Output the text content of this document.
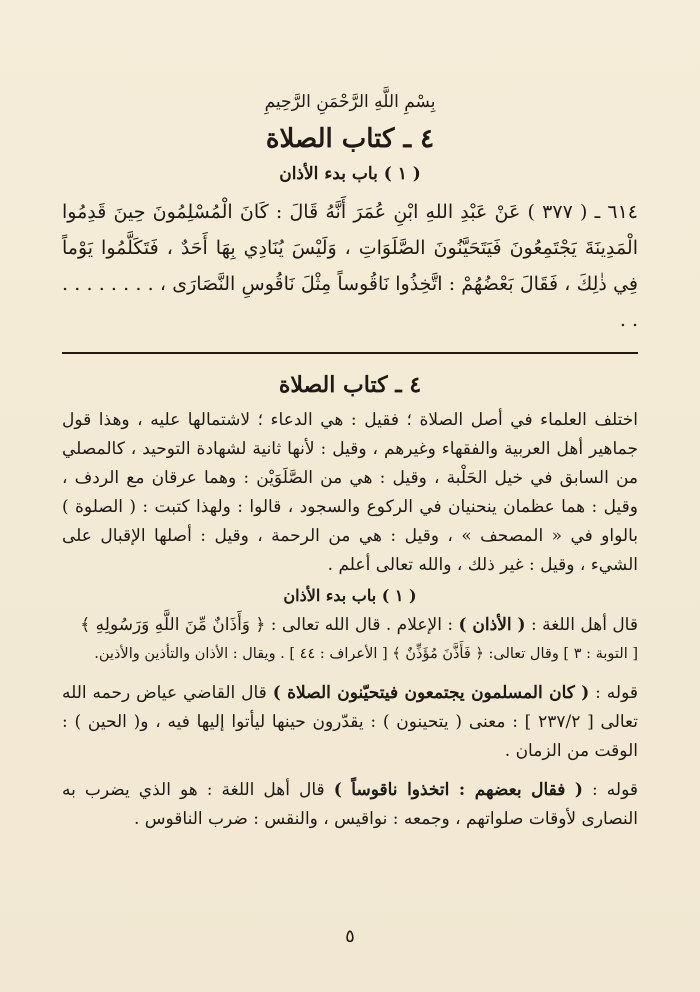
بِسْمِ اللَّهِ الرَّحْمَنِ الرَّحِيمِ
٤ ـ كتاب الصلاة
( ١ ) باب بدء الأذان

٦١٤ ـ ( ٣٧٧ ) عَنْ عَبْدِ اللهِ ابْنِ عُمَرَ أَنَّهُ قَالَ : كَانَ الْمُسْلِمُونَ حِينَ قَدِمُوا الْمَدِينَةَ يَجْتَمِعُونَ فَيَتَحَيَّنُونَ الصَّلَوَاتِ ، وَلَيْسَ يُنَادِي بِهَا أَحَدٌ ، فَتَكَلَّمُوا يَوْماً فِي ذٰلِكَ ، فَقَالَ بَعْضُهُمْ : اتَّخِذُوا نَاقُوساً مِثْلَ نَاقُوسِ النَّصَارَى ، . . . . . . . . . .

٤ ـ كتاب الصلاة

اختلف العلماء في أصل الصلاة ؛ فقيل : هي الدعاء ؛ لاشتمالها عليه ، وهذا قول جماهير أهل العربية والفقهاء وغيرهم ، وقيل : لأنها ثانية لشهادة التوحيد ، كالمصلي من السابق في خيل الحَلْبة ، وقيل : هي من الصَّلَوَيْن : وهما عرقان مع الردف ، وقيل : هما عظمان ينحنيان في الركوع والسجود ، قالوا : ولهذا كتبت : ( الصلوة ) بالواو في « المصحف » ، وقيل : هي من الرحمة ، وقيل : أصلها الإقبال على الشيء ، وقيل : غير ذلك ، والله تعالى أعلم .

( ١ ) باب بدء الأذان

قال أهل اللغة : ( الأذان ) : الإعلام . قال الله تعالى : ﴿ وَأَذَانٌ مِّنَ اللَّهِ وَرَسُولِهِ ﴾

[ التوبة : ٣ ] وقال تعالى: ﴿ فَأَذَّنَ مُؤَذِّنٌ ﴾ [ الأعراف : ٤٤ ] . ويقال : الأذان والتأذين والأذين.

قوله : ( كان المسلمون يجتمعون فيتحيّنون الصلاة ) قال القاضي عياض رحمه الله تعالى [ ٢٣٧/٢ ] : معنى ( يتحينون ) : يقدّرون حينها ليأتوا إليها فيه ، و( الحين ) : الوقت من الزمان .

قوله : ( فقال بعضهم : اتخذوا ناقوساً ) قال أهل اللغة : هو الذي يضرب به النصارى لأوقات صلواتهم ، وجمعه : نواقيس ، والنقس : ضرب الناقوس .

٥
